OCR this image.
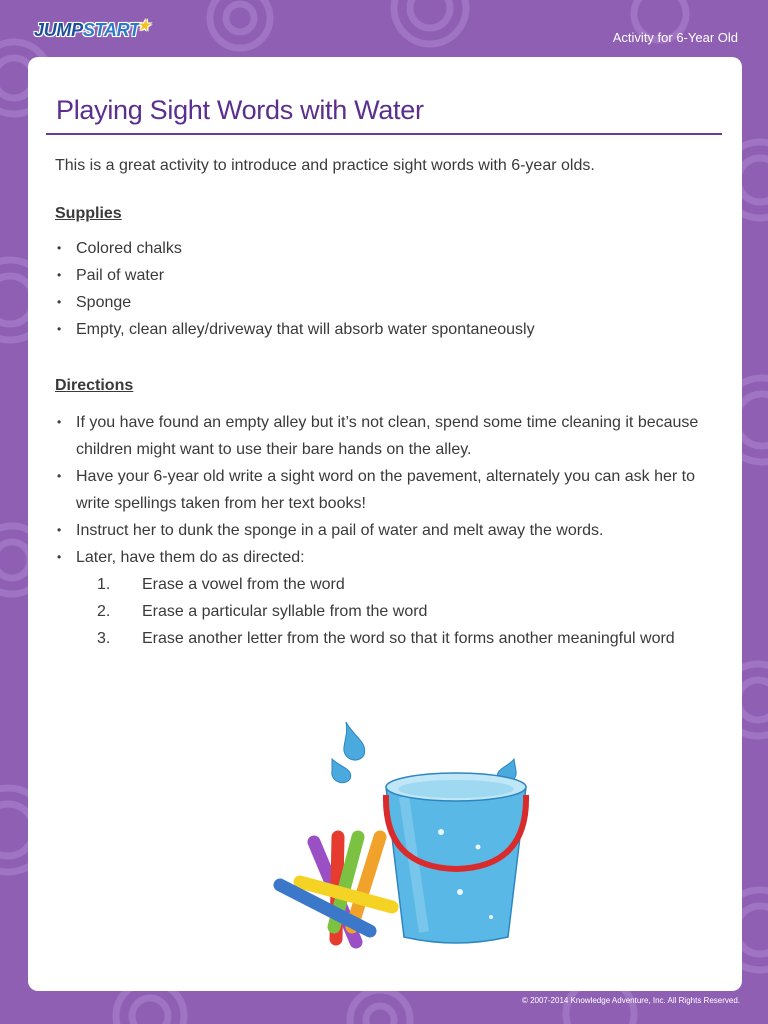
JUMPSTART★
Activity for 6-Year Old
Playing Sight Words with Water

This is a great activity to introduce and practice sight words with 6-year olds.

Supplies
• Colored chalks
• Pail of water
• Sponge
• Empty, clean alley/driveway that will absorb water spontaneously
Directions
• If you have found an empty alley but it’s not clean, spend some time cleaning it because children might want to use their bare hands on the alley.
• Have your 6-year old write a sight word on the pavement, alternately you can ask her to write spellings taken from her text books!
• Instruct her to dunk the sponge in a pail of water and melt away the words.
• Later, have them do as directed:
1. Erase a vowel from the word
2. Erase a particular syllable from the word
3. Erase another letter from the word so that it forms another meaningful word
© 2007-2014 Knowledge Adventure, Inc. All Rights Reserved.
